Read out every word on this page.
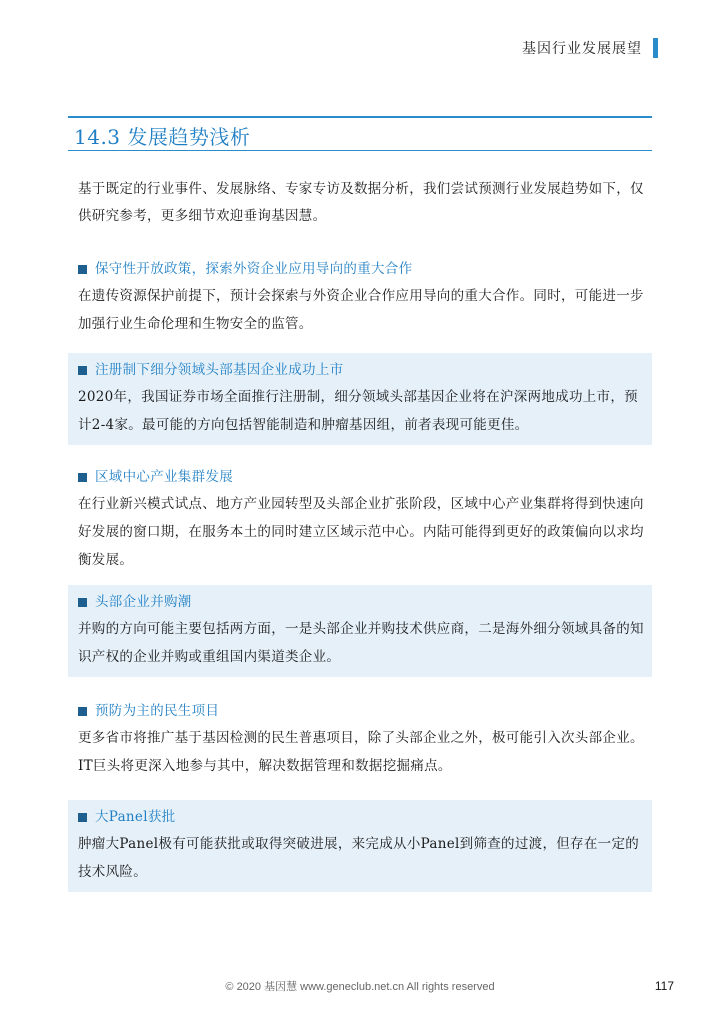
基因行业发展展望
14.3 发展趋势浅析
基于既定的行业事件、发展脉络、专家专访及数据分析，我们尝试预测行业发展趋势如下，仅供研究参考，更多细节欢迎垂询基因慧。
保守性开放政策，探索外资企业应用导向的重大合作
在遗传资源保护前提下，预计会探索与外资企业合作应用导向的重大合作。同时，可能进一步加强行业生命伦理和生物安全的监管。
注册制下细分领域头部基因企业成功上市
2020年，我国证券市场全面推行注册制，细分领域头部基因企业将在沪深两地成功上市，预计2-4家。最可能的方向包括智能制造和肿瘤基因组，前者表现可能更佳。
区域中心产业集群发展
在行业新兴模式试点、地方产业园转型及头部企业扩张阶段，区域中心产业集群将得到快速向好发展的窗口期，在服务本土的同时建立区域示范中心。内陆可能得到更好的政策偏向以求均衡发展。
头部企业并购潮
并购的方向可能主要包括两方面，一是头部企业并购技术供应商，二是海外细分领域具备的知识产权的企业并购或重组国内渠道类企业。
预防为主的民生项目
更多省市将推广基于基因检测的民生普惠项目，除了头部企业之外，极可能引入次头部企业。IT巨头将更深入地参与其中，解决数据管理和数据挖掘痛点。
大Panel获批
肿瘤大Panel极有可能获批或取得突破进展，来完成从小Panel到筛查的过渡，但存在一定的技术风险。
© 2020 基因慧 www.geneclub.net.cn All rights reserved	117
